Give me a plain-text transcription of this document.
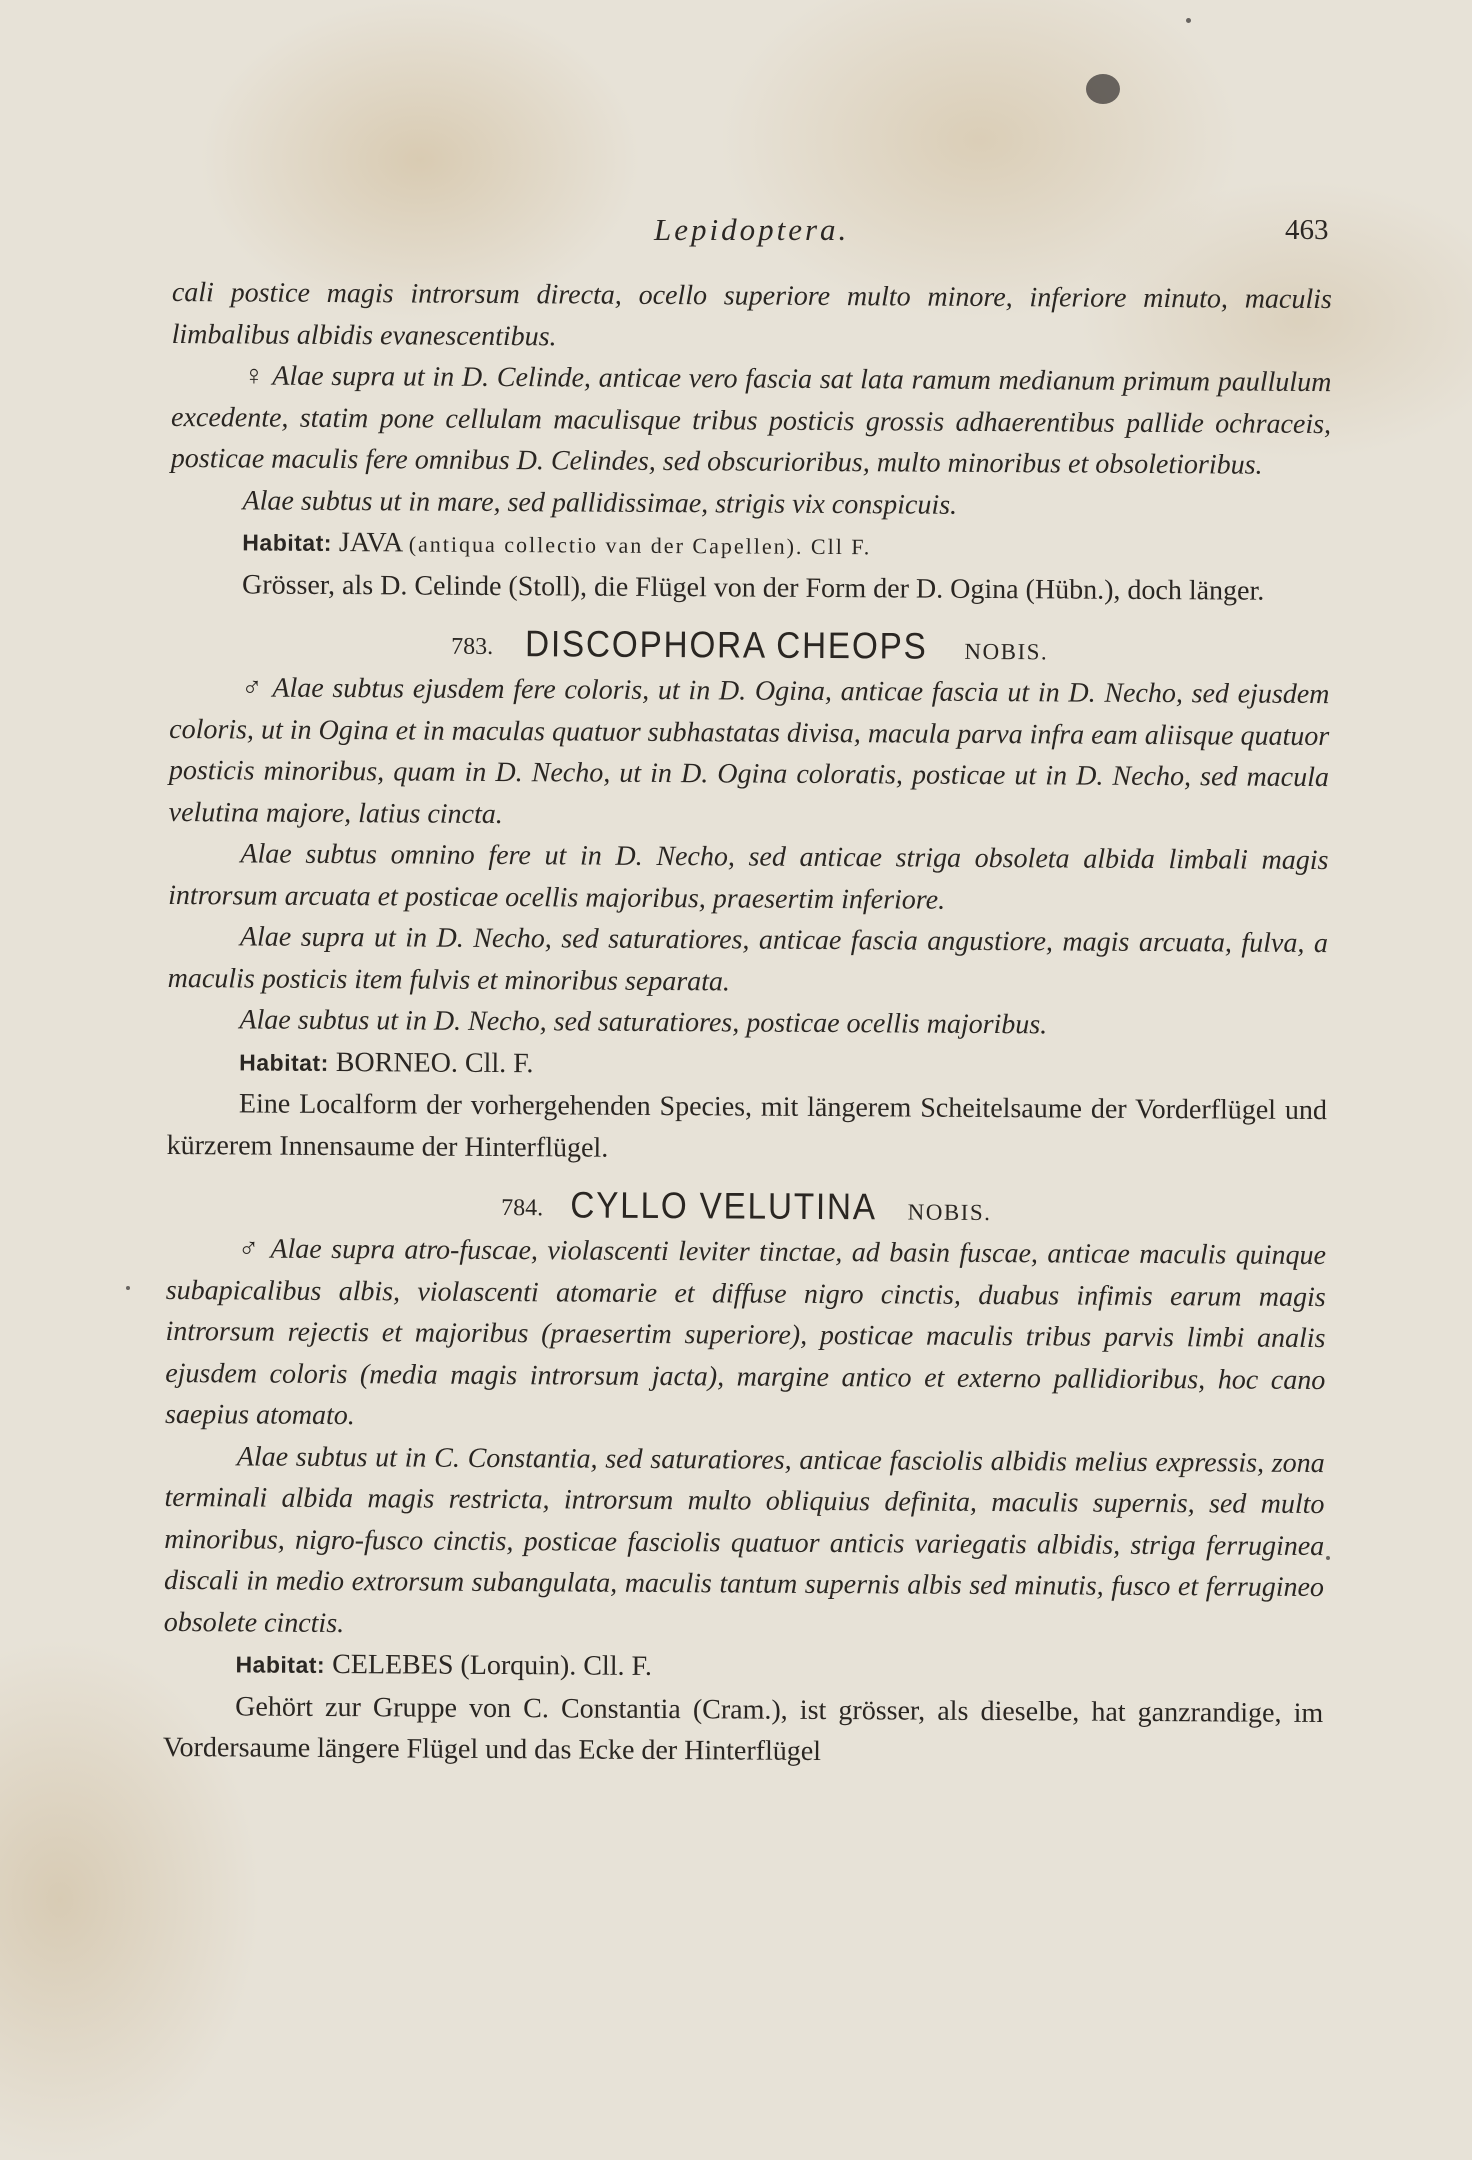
Lepidoptera.	463

cali postice magis introrsum directa, ocello superiore multo minore, inferiore minuto, maculis limbalibus albidis evanescentibus.

♀ Alae supra ut in D. Celinde, anticae vero fascia sat lata ramum medianum primum paullulum excedente, statim pone cellulam maculisque tribus posticis grossis adhaerentibus pallide ochraceis, posticae maculis fere omnibus D. Celindes, sed obscurioribus, multo minoribus et obsoletioribus.

Alae subtus ut in mare, sed pallidissimae, strigis vix conspicuis.

Habitat: JAVA (antiqua collectio van der Capellen). Cll F.

Grösser, als D. Celinde (Stoll), die Flügel von der Form der D. Ogina (Hübn.), doch länger.

783. DISCOPHORA CHEOPS NOBIS.

♂ Alae subtus ejusdem fere coloris, ut in D. Ogina, anticae fascia ut in D. Necho, sed ejusdem coloris, ut in Ogina et in maculas quatuor subhastatas divisa, macula parva infra eam aliisque quatuor posticis minoribus, quam in D. Necho, ut in D. Ogina coloratis, posticae ut in D. Necho, sed macula velutina majore, latius cincta.

Alae subtus omnino fere ut in D. Necho, sed anticae striga obsoleta albida limbali magis introrsum arcuata et posticae ocellis majoribus, praesertim inferiore.

Alae supra ut in D. Necho, sed saturatiores, anticae fascia angustiore, magis arcuata, fulva, a maculis posticis item fulvis et minoribus separata.

Alae subtus ut in D. Necho, sed saturatiores, posticae ocellis majoribus.

Habitat: BORNEO. Cll. F.

Eine Localform der vorhergehenden Species, mit längerem Scheitelsaume der Vorderflügel und kürzerem Innensaume der Hinterflügel.

784. CYLLO VELUTINA NOBIS.

♂ Alae supra atro-fuscae, violascenti leviter tinctae, ad basin fuscae, anticae maculis quinque subapicalibus albis, violascenti atomarie et diffuse nigro cinctis, duabus infimis earum magis introrsum rejectis et majoribus (praesertim superiore), posticae maculis tribus parvis limbi analis ejusdem coloris (media magis introrsum jacta), margine antico et externo pallidioribus, hoc cano saepius atomato.

Alae subtus ut in C. Constantia, sed saturatiores, anticae fasciolis albidis melius expressis, zona terminali albida magis restricta, introrsum multo obliquius definita, maculis supernis, sed multo minoribus, nigro-fusco cinctis, posticae fasciolis quatuor anticis variegatis albidis, striga ferruginea discali in medio extrorsum subangulata, maculis tantum supernis albis sed minutis, fusco et ferrugineo obsolete cinctis.

Habitat: CELEBES (Lorquin). Cll. F.

Gehört zur Gruppe von C. Constantia (Cram.), ist grösser, als dieselbe, hat ganzrandige, im Vordersaume längere Flügel und das Ecke der Hinterflügel
